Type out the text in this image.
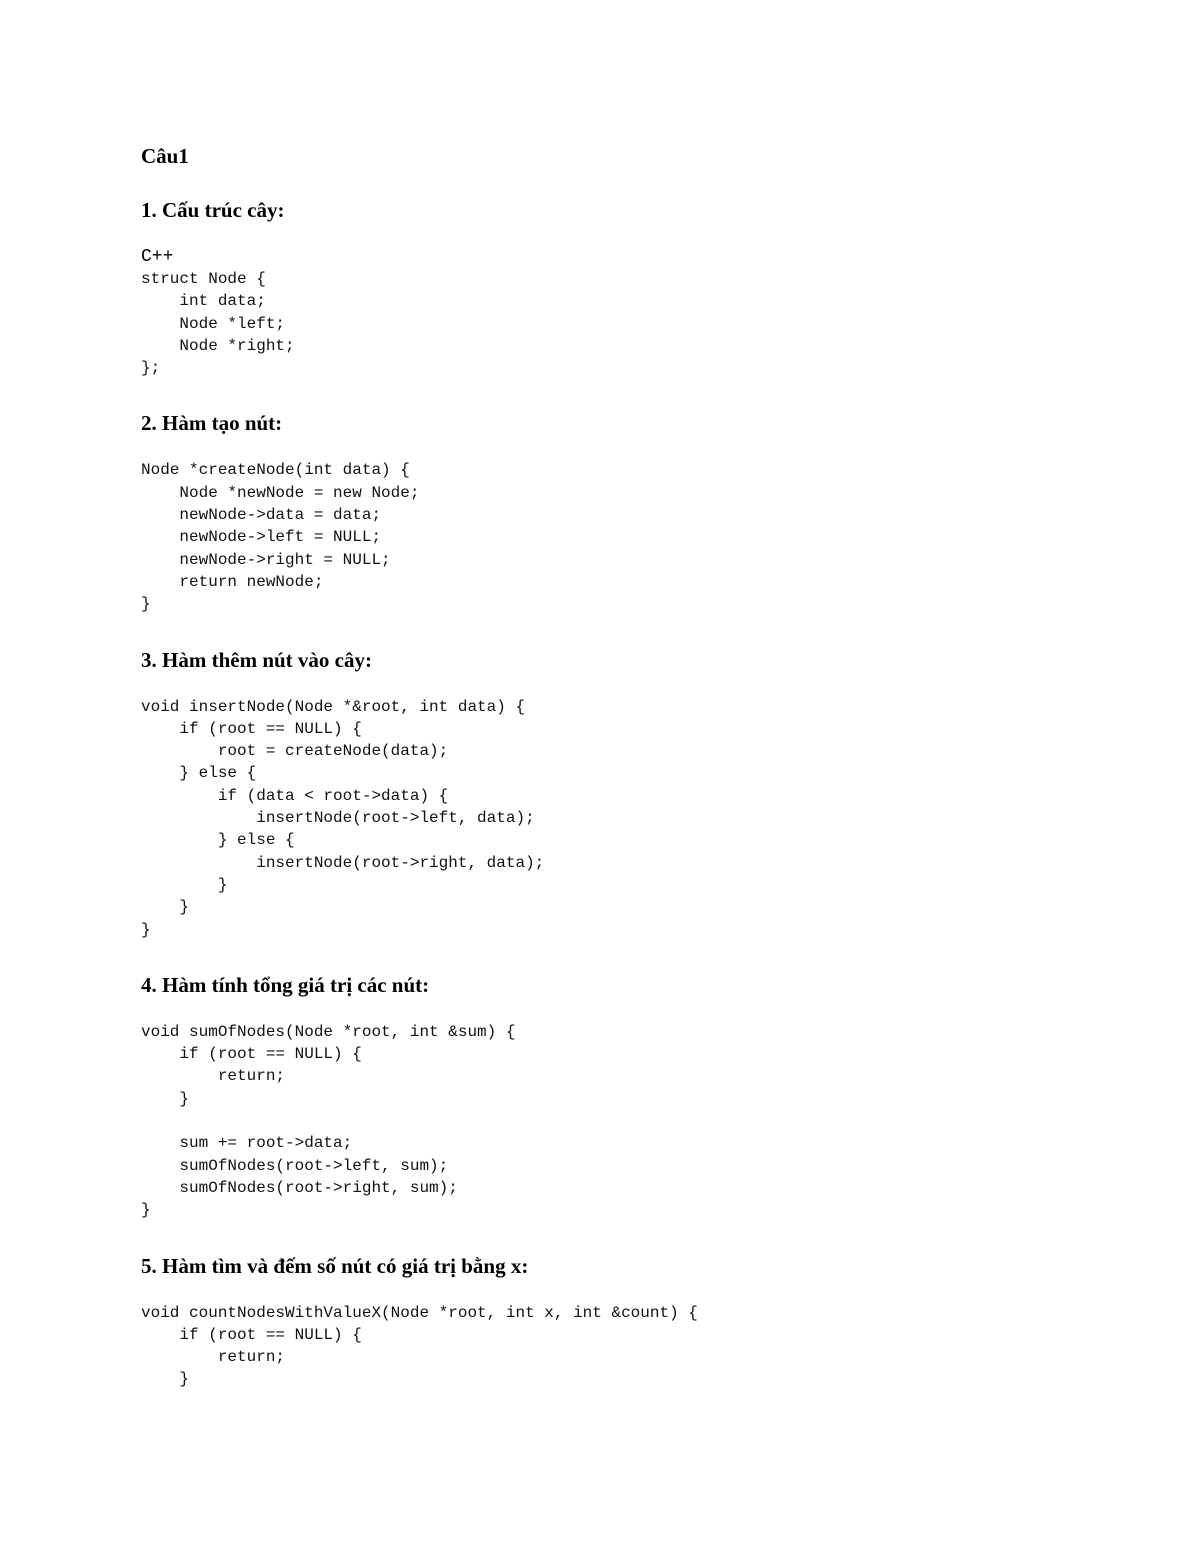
Câu1
1. Cấu trúc cây:
C++
struct Node {
int data;
Node *left;
Node *right;
};
2. Hàm tạo nút:
Node *createNode(int data) {
Node *newNode = new Node;
newNode->data = data;
newNode->left = NULL;
newNode->right = NULL;
return newNode;
}
3. Hàm thêm nút vào cây:
void insertNode(Node *&root, int data) {
if (root == NULL) {
root = createNode(data);
} else {
if (data < root->data) {
insertNode(root->left, data);
} else {
insertNode(root->right, data);
}
}
}
4. Hàm tính tổng giá trị các nút:
void sumOfNodes(Node *root, int &sum) {
if (root == NULL) {
return;
}

sum += root->data;
sumOfNodes(root->left, sum);
sumOfNodes(root->right, sum);
}
5. Hàm tìm và đếm số nút có giá trị bằng x:
void countNodesWithValueX(Node *root, int x, int &count) {
if (root == NULL) {
return;
}
